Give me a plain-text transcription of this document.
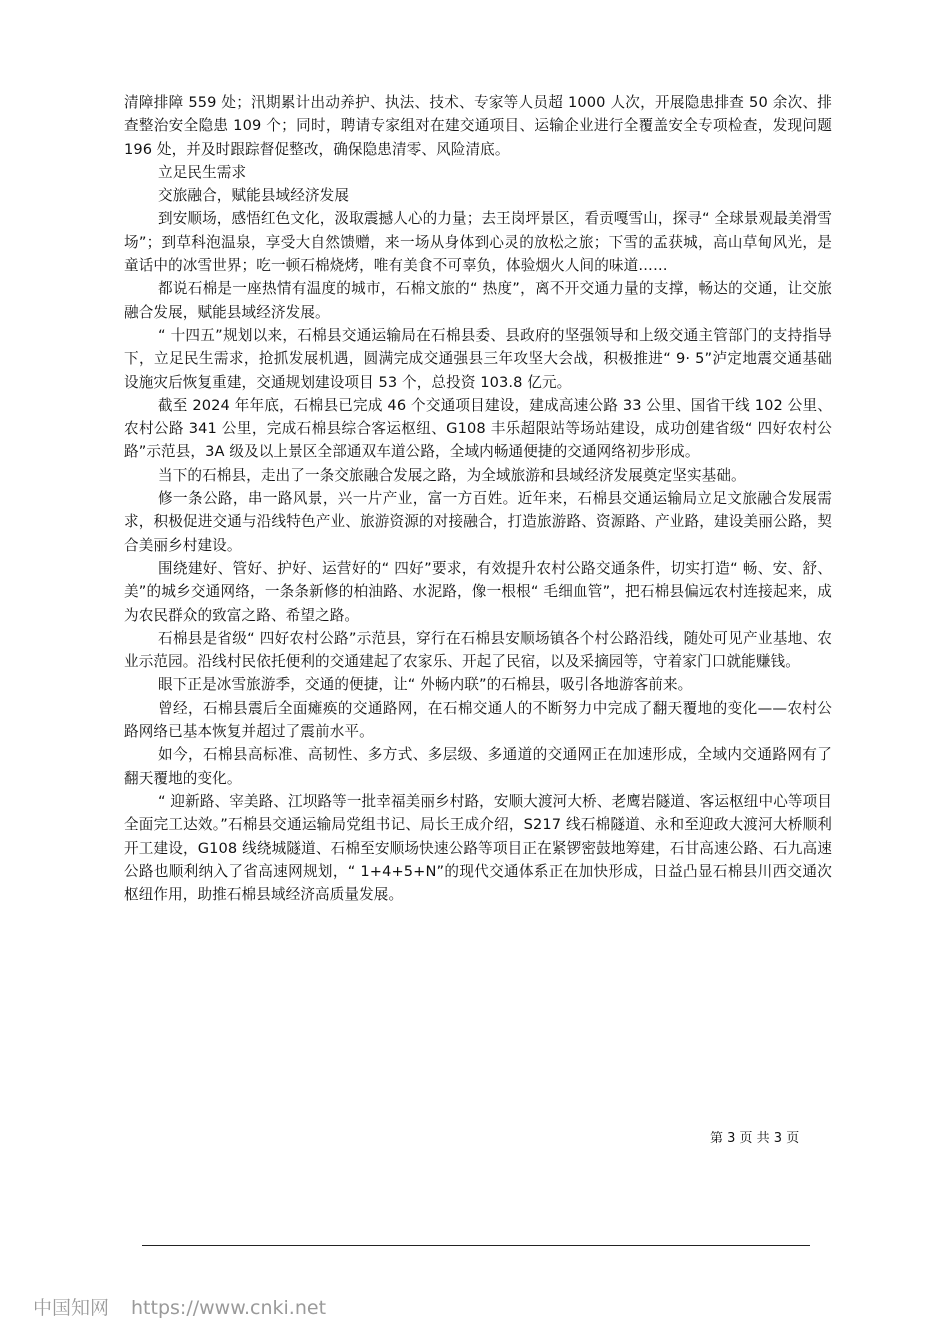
清障排障 559 处；汛期累计出动养护、执法、技术、专家等人员超 1000 人次，开展隐患排查 50 余次、排查整治安全隐患 109 个；同时，聘请专家组对在建交通项目、运输企业进行全覆盖安全专项检查，发现问题 196 处，并及时跟踪督促整改，确保隐患清零、风险清底。

立足民生需求

交旅融合，赋能县域经济发展

到安顺场，感悟红色文化，汲取震撼人心的力量；去王岗坪景区，看贡嘎雪山，探寻“ 全球景观最美滑雪场”；到草科泡温泉，享受大自然馈赠，来一场从身体到心灵的放松之旅；下雪的孟获城，高山草甸风光，是童话中的冰雪世界；吃一顿石棉烧烤，唯有美食不可辜负，体验烟火人间的味道……

都说石棉是一座热情有温度的城市，石棉文旅的“ 热度”，离不开交通力量的支撑，畅达的交通，让交旅融合发展，赋能县域经济发展。

“ 十四五”规划以来，石棉县交通运输局在石棉县委、县政府的坚强领导和上级交通主管部门的支持指导下，立足民生需求，抢抓发展机遇，圆满完成交通强县三年攻坚大会战，积极推进“ 9· 5”泸定地震交通基础设施灾后恢复重建，交通规划建设项目 53 个，总投资 103.8 亿元。

截至 2024 年年底，石棉县已完成 46 个交通项目建设，建成高速公路 33 公里、国省干线 102 公里、农村公路 341 公里，完成石棉县综合客运枢纽、G108 丰乐超限站等场站建设，成功创建省级“ 四好农村公路”示范县，3A 级及以上景区全部通双车道公路，全域内畅通便捷的交通网络初步形成。

当下的石棉县，走出了一条交旅融合发展之路，为全域旅游和县域经济发展奠定坚实基础。

修一条公路，串一路风景，兴一片产业，富一方百姓。近年来，石棉县交通运输局立足文旅融合发展需求，积极促进交通与沿线特色产业、旅游资源的对接融合，打造旅游路、资源路、产业路，建设美丽公路，契合美丽乡村建设。

围绕建好、管好、护好、运营好的“ 四好”要求，有效提升农村公路交通条件，切实打造“ 畅、安、舒、美”的城乡交通网络，一条条新修的柏油路、水泥路，像一根根“ 毛细血管”，把石棉县偏远农村连接起来，成为农民群众的致富之路、希望之路。

石棉县是省级“ 四好农村公路”示范县，穿行在石棉县安顺场镇各个村公路沿线，随处可见产业基地、农业示范园。沿线村民依托便利的交通建起了农家乐、开起了民宿，以及采摘园等，守着家门口就能赚钱。

眼下正是冰雪旅游季，交通的便捷，让“ 外畅内联”的石棉县，吸引各地游客前来。

曾经，石棉县震后全面瘫痪的交通路网，在石棉交通人的不断努力中完成了翻天覆地的变化——农村公路网络已基本恢复并超过了震前水平。

如今，石棉县高标准、高韧性、多方式、多层级、多通道的交通网正在加速形成，全域内交通路网有了翻天覆地的变化。

“ 迎新路、宰美路、江坝路等一批幸福美丽乡村路，安顺大渡河大桥、老鹰岩隧道、客运枢纽中心等项目全面完工达效。”石棉县交通运输局党组书记、局长王成介绍，S217 线石棉隧道、永和至迎政大渡河大桥顺利开工建设，G108 线绕城隧道、石棉至安顺场快速公路等项目正在紧锣密鼓地筹建，石甘高速公路、石九高速公路也顺利纳入了省高速网规划，“ 1+4+5+N”的现代交通体系正在加快形成，日益凸显石棉县川西交通次枢纽作用，助推石棉县域经济高质量发展。

第 3 页 共 3 页
中国知网 https://www.cnki.net
